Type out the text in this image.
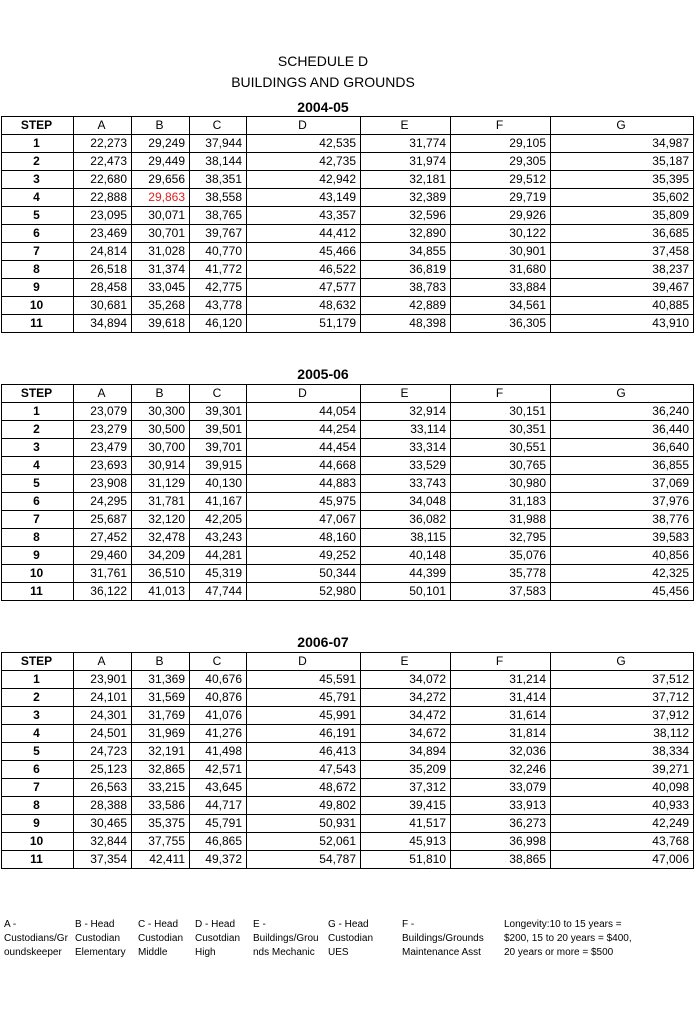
SCHEDULE D
BUILDINGS AND GROUNDS
2004-05
STEP	A	B	C	D	E	F	G
1	22,273	29,249	37,944	42,535	31,774	29,105	34,987
2	22,473	29,449	38,144	42,735	31,974	29,305	35,187
3	22,680	29,656	38,351	42,942	32,181	29,512	35,395
4	22,888	29,863	38,558	43,149	32,389	29,719	35,602
5	23,095	30,071	38,765	43,357	32,596	29,926	35,809
6	23,469	30,701	39,767	44,412	32,890	30,122	36,685
7	24,814	31,028	40,770	45,466	34,855	30,901	37,458
8	26,518	31,374	41,772	46,522	36,819	31,680	38,237
9	28,458	33,045	42,775	47,577	38,783	33,884	39,467
10	30,681	35,268	43,778	48,632	42,889	34,561	40,885
11	34,894	39,618	46,120	51,179	48,398	36,305	43,910
2005-06
STEP	A	B	C	D	E	F	G
1	23,079	30,300	39,301	44,054	32,914	30,151	36,240
2	23,279	30,500	39,501	44,254	33,114	30,351	36,440
3	23,479	30,700	39,701	44,454	33,314	30,551	36,640
4	23,693	30,914	39,915	44,668	33,529	30,765	36,855
5	23,908	31,129	40,130	44,883	33,743	30,980	37,069
6	24,295	31,781	41,167	45,975	34,048	31,183	37,976
7	25,687	32,120	42,205	47,067	36,082	31,988	38,776
8	27,452	32,478	43,243	48,160	38,115	32,795	39,583
9	29,460	34,209	44,281	49,252	40,148	35,076	40,856
10	31,761	36,510	45,319	50,344	44,399	35,778	42,325
11	36,122	41,013	47,744	52,980	50,101	37,583	45,456
2006-07
STEP	A	B	C	D	E	F	G
1	23,901	31,369	40,676	45,591	34,072	31,214	37,512
2	24,101	31,569	40,876	45,791	34,272	31,414	37,712
3	24,301	31,769	41,076	45,991	34,472	31,614	37,912
4	24,501	31,969	41,276	46,191	34,672	31,814	38,112
5	24,723	32,191	41,498	46,413	34,894	32,036	38,334
6	25,123	32,865	42,571	47,543	35,209	32,246	39,271
7	26,563	33,215	43,645	48,672	37,312	33,079	40,098
8	28,388	33,586	44,717	49,802	39,415	33,913	40,933
9	30,465	35,375	45,791	50,931	41,517	36,273	42,249
10	32,844	37,755	46,865	52,061	45,913	36,998	43,768
11	37,354	42,411	49,372	54,787	51,810	38,865	47,006
A -
Custodians/Gr
oundskeeper
B - Head
Custodian
Elementary
C - Head
Custodian
Middle
D - Head
Cusotdian
High
E -
Buildings/Grou
nds Mechanic
G - Head
Custodian
UES
F -
Buildings/Grounds
Maintenance Asst
Longevity:10 to 15 years =
$200, 15 to 20 years = $400,
20 years or more = $500
